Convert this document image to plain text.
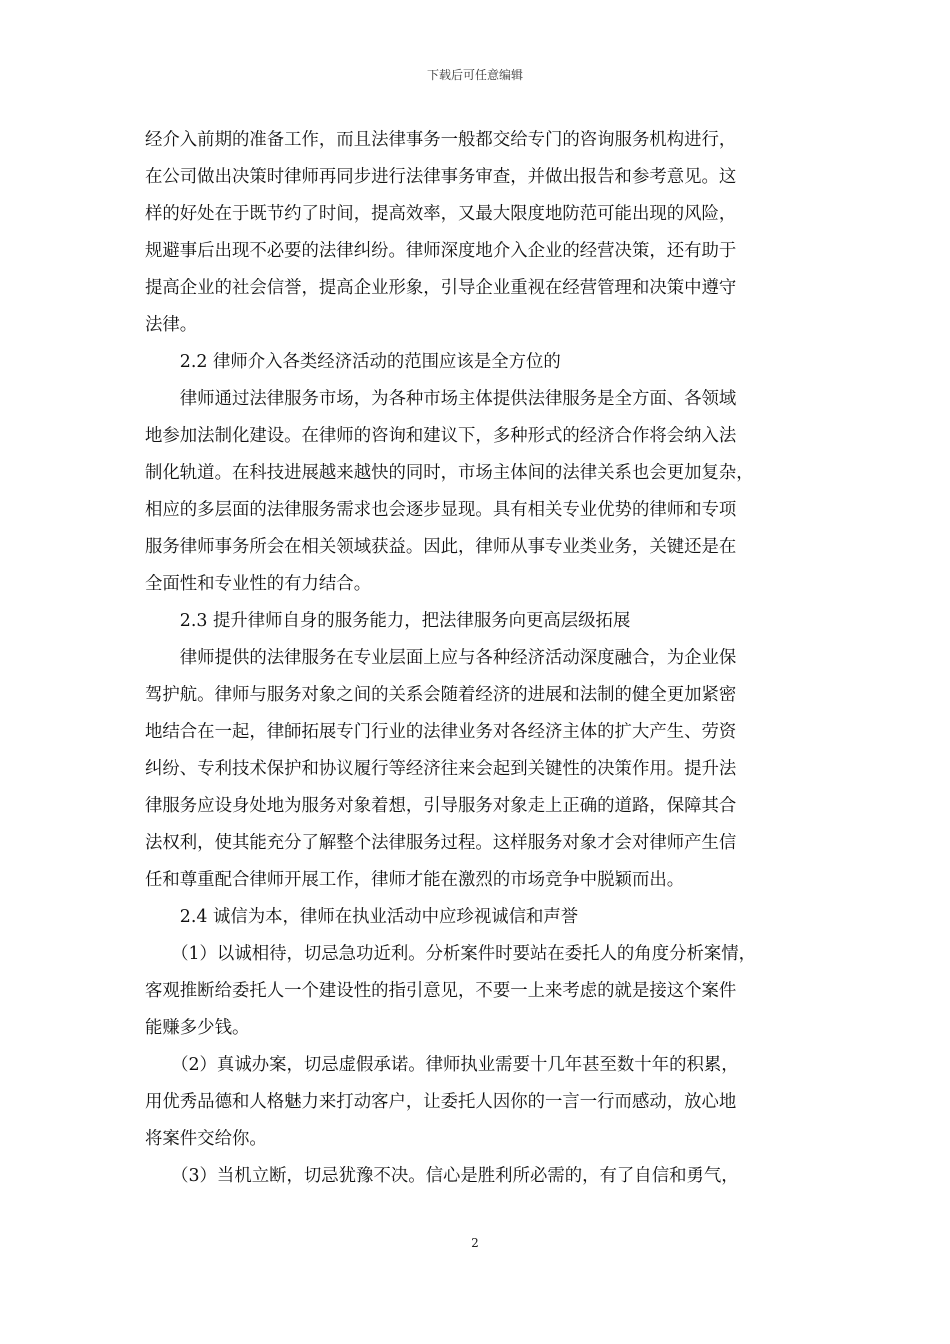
下载后可任意编辑
经介入前期的准备工作，而且法律事务一般都交给专门的咨询服务机构进行，
在公司做出决策时律师再同步进行法律事务审查，并做出报告和参考意见。这
样的好处在于既节约了时间，提高效率，又最大限度地防范可能出现的风险，
规避事后出现不必要的法律纠纷。律师深度地介入企业的经营决策，还有助于
提高企业的社会信誉，提高企业形象，引导企业重视在经营管理和决策中遵守
法律。
　　2.2 律师介入各类经济活动的范围应该是全方位的
　　律师通过法律服务市场，为各种市场主体提供法律服务是全方面、各领域
地参加法制化建设。在律师的咨询和建议下，多种形式的经济合作将会纳入法
制化轨道。在科技进展越来越快的同时，市场主体间的法律关系也会更加复杂，
相应的多层面的法律服务需求也会逐步显现。具有相关专业优势的律师和专项
服务律师事务所会在相关领域获益。因此，律师从事专业类业务，关键还是在
全面性和专业性的有力结合。
　　2.3 提升律师自身的服务能力，把法律服务向更高层级拓展
　　律师提供的法律服务在专业层面上应与各种经济活动深度融合，为企业保
驾护航。律师与服务对象之间的关系会随着经济的进展和法制的健全更加紧密
地结合在一起，律師拓展专门行业的法律业务对各经济主体的扩大产生、劳资
纠纷、专利技术保护和协议履行等经济往来会起到关键性的决策作用。提升法
律服务应设身处地为服务对象着想，引导服务对象走上正确的道路，保障其合
法权利，使其能充分了解整个法律服务过程。这样服务对象才会对律师产生信
任和尊重配合律师开展工作，律师才能在激烈的市场竞争中脱颖而出。
　　2.4 诚信为本，律师在执业活动中应珍视诚信和声誉
　　（1）以诚相待，切忌急功近利。分析案件时要站在委托人的角度分析案情，
客观推断给委托人一个建设性的指引意见，不要一上来考虑的就是接这个案件
能赚多少钱。
　　（2）真诚办案，切忌虚假承诺。律师执业需要十几年甚至数十年的积累，
用优秀品德和人格魅力来打动客户，让委托人因你的一言一行而感动，放心地
将案件交给你。
　　（3）当机立断，切忌犹豫不决。信心是胜利所必需的，有了自信和勇气，
2
